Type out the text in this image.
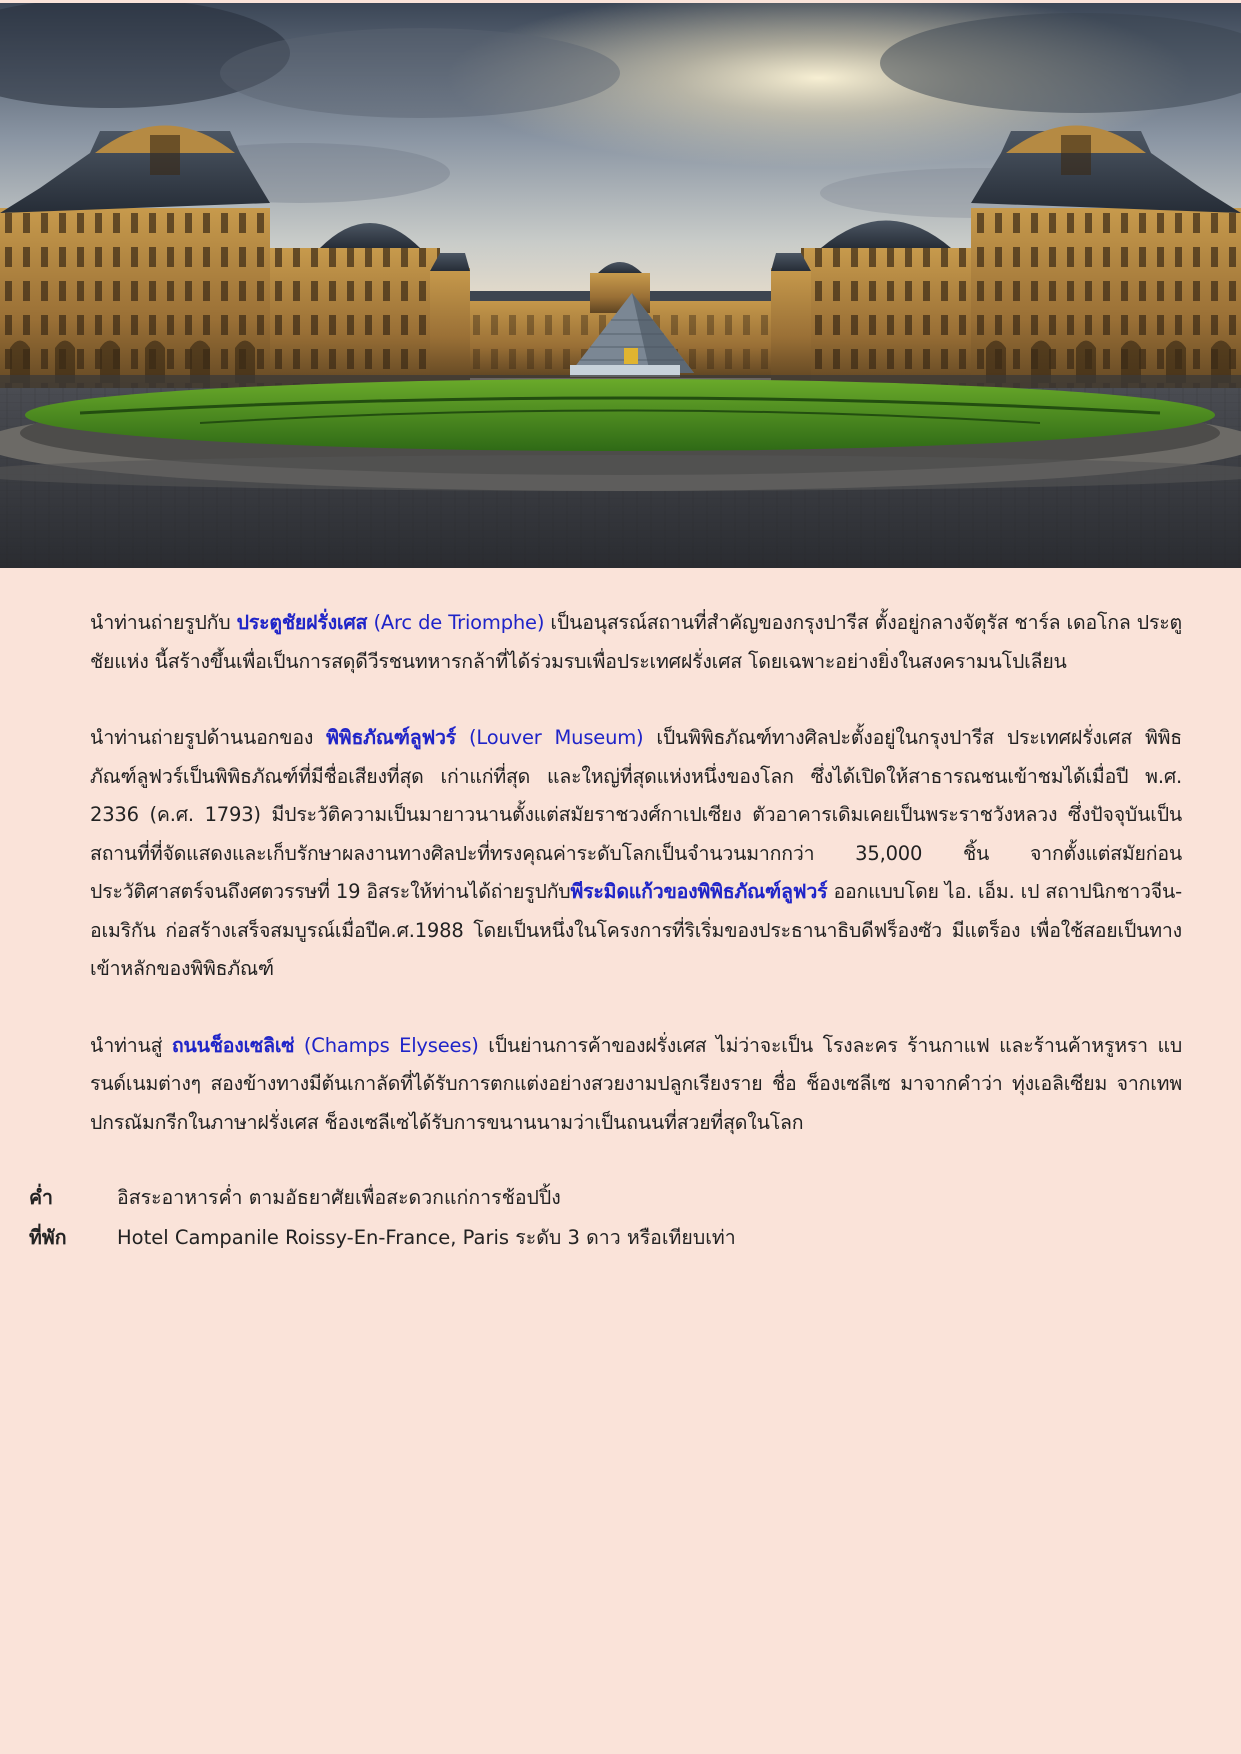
นำท่านถ่ายรูปกับ ประตูชัยฝรั่งเศส (Arc de Triomphe) เป็นอนุสรณ์สถานที่สำคัญของกรุงปารีส ตั้งอยู่กลางจัตุรัส ชาร์ล เดอโกล ประตูชัยแห่ง นี้สร้างขึ้นเพื่อเป็นการสดุดีวีรชนทหารกล้าที่ได้ร่วมรบเพื่อประเทศฝรั่งเศส โดยเฉพาะอย่างยิ่งในสงครามนโปเลียน

นำท่านถ่ายรูปด้านนอกของ พิพิธภัณฑ์ลูฟวร์ (Louver Museum) เป็นพิพิธภัณฑ์ทางศิลปะตั้งอยู่ในกรุงปารีส ประเทศฝรั่งเศส พิพิธภัณฑ์ลูฟวร์เป็นพิพิธภัณฑ์ที่มีชื่อเสียงที่สุด เก่าแก่ที่สุด และใหญ่ที่สุดแห่งหนึ่งของโลก ซึ่งได้เปิดให้สาธารณชนเข้าชมได้เมื่อปี พ.ศ. 2336 (ค.ศ. 1793) มีประวัติความเป็นมายาวนานตั้งแต่สมัยราชวงศ์กาเปเซียง ตัวอาคารเดิมเคยเป็นพระราชวังหลวง ซึ่งปัจจุบันเป็นสถานที่ที่จัดแสดงและเก็บรักษาผลงานทางศิลปะที่ทรงคุณค่าระดับโลกเป็นจำนวนมากกว่า 35,000 ชิ้น จากตั้งแต่สมัยก่อนประวัติศาสตร์จนถึงศตวรรษที่ 19 อิสระให้ท่านได้ถ่ายรูปกับพีระมิดแก้วของพิพิธภัณฑ์ลูฟวร์ ออกแบบโดย ไอ. เอ็ม. เป สถาปนิกชาวจีน-อเมริกัน ก่อสร้างเสร็จสมบูรณ์เมื่อปีค.ศ.1988 โดยเป็นหนึ่งในโครงการที่ริเริ่มของประธานาธิบดีฟร็องซัว มีแตร็อง เพื่อใช้สอยเป็นทางเข้าหลักของพิพิธภัณฑ์

นำท่านสู่ ถนนช็องเซลิเซ่ (Champs Elysees) เป็นย่านการค้าของฝรั่งเศส ไม่ว่าจะเป็น โรงละคร ร้านกาแฟ และร้านค้าหรูหรา แบรนด์เนมต่างๆ สองข้างทางมีต้นเกาลัดที่ได้รับการตกแต่งอย่างสวยงามปลูกเรียงราย ชื่อ ช็องเซลีเซ มาจากคำว่า ทุ่งเอลิเซียม จากเทพปกรณัมกรีกในภาษาฝรั่งเศส ช็องเซลีเซได้รับการขนานนามว่าเป็นถนนที่สวยที่สุดในโลก

ค่ำ	อิสระอาหารค่ำ ตามอัธยาศัยเพื่อสะดวกแก่การช้อปปิ้ง
ที่พัก	Hotel Campanile Roissy-En-France, Paris ระดับ 3 ดาว หรือเทียบเท่า
